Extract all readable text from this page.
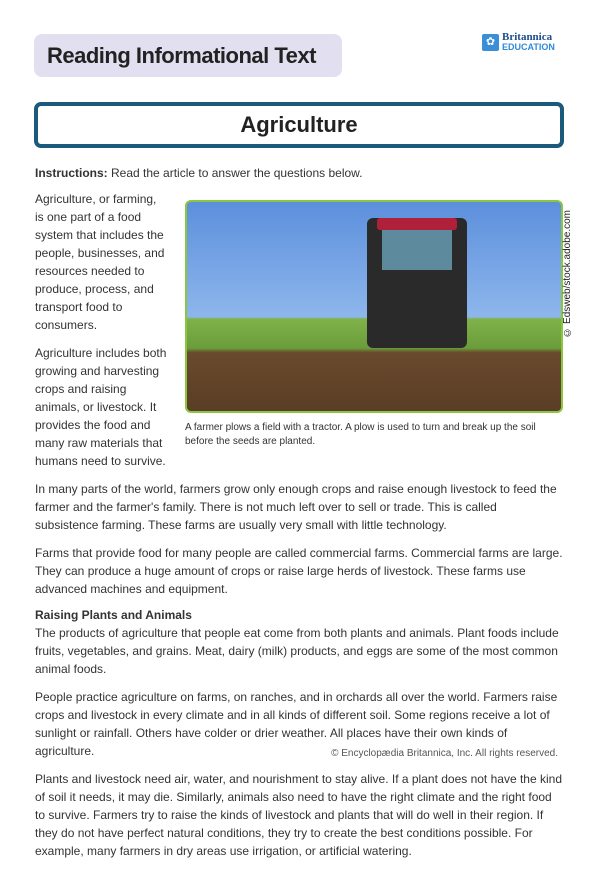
Reading Informational Text
✿ Britannica
EDUCATION
Agriculture
Instructions: Read the article to answer the questions below.
© Edsweb/stock.adobe.com
A farmer plows a field with a tractor. A plow is used to turn and break up the soil before the seeds are planted.

Agriculture, or farming, is one part of a food system that includes the people, businesses, and resources needed to produce, process, and transport food to consumers.

Agriculture includes both growing and harvesting crops and raising animals, or livestock. It provides the food and many raw materials that humans need to survive.

In many parts of the world, farmers grow only enough crops and raise enough livestock to feed the farmer and the farmer's family. There is not much left over to sell or trade. This is called subsistence farming. These farms are usually very small with little technology.

Farms that provide food for many people are called commercial farms. Commercial farms are large. They can produce a huge amount of crops or raise large herds of livestock. These farms use advanced machines and equipment.

Raising Plants and Animals

The products of agriculture that people eat come from both plants and animals. Plant foods include fruits, vegetables, and grains. Meat, dairy (milk) products, and eggs are some of the most common animal foods.

People practice agriculture on farms, on ranches, and in orchards all over the world. Farmers raise crops and livestock in every climate and in all kinds of different soil. Some regions receive a lot of sunlight or rainfall. Others have colder or drier weather. All places have their own kinds of agriculture.

Plants and livestock need air, water, and nourishment to stay alive. If a plant does not have the kind of soil it needs, it may die. Similarly, animals also need to have the right climate and the right food to survive. Farmers try to raise the kinds of livestock and plants that will do well in their region. If they do not have perfect natural conditions, they try to create the best conditions possible. For example, many farmers in dry areas use irrigation, or artificial watering.

© Encyclopædia Britannica, Inc. All rights reserved.
